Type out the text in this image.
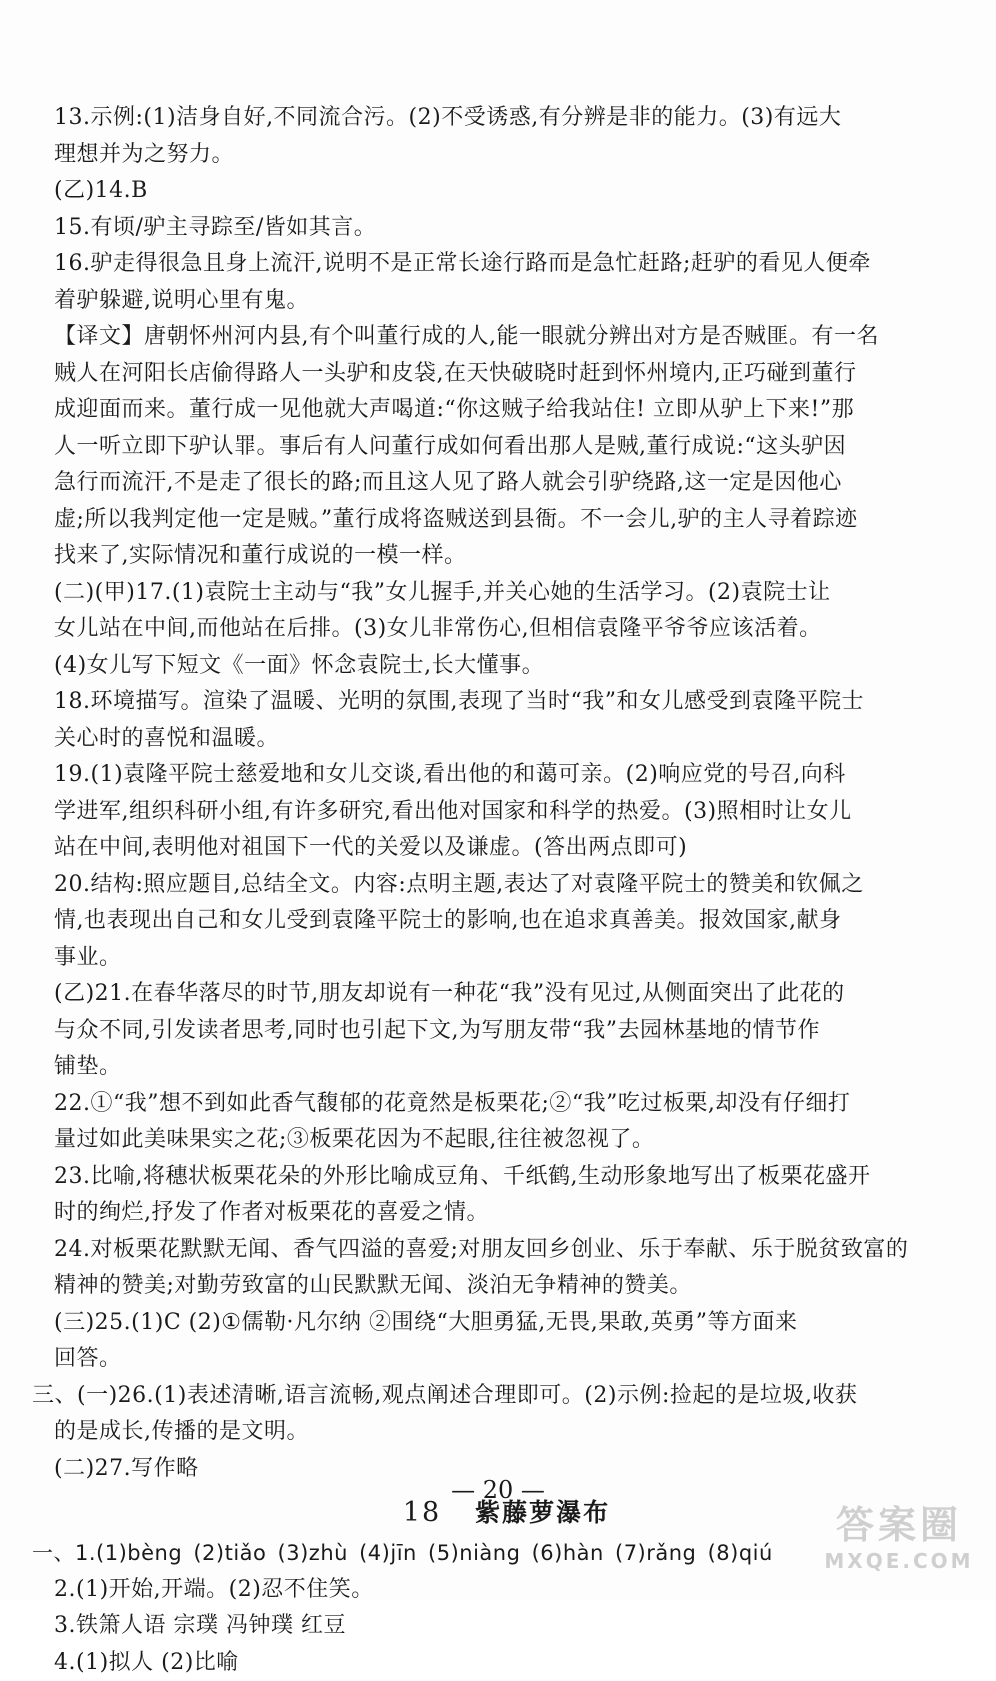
13.示例:(1)洁身自好,不同流合污。(2)不受诱惑,有分辨是非的能力。(3)有远大
理想并为之努力。
(乙)14.B
15.有顷/驴主寻踪至/皆如其言。
16.驴走得很急且身上流汗,说明不是正常长途行路而是急忙赶路;赶驴的看见人便牵
着驴躲避,说明心里有鬼。
【译文】唐朝怀州河内县,有个叫董行成的人,能一眼就分辨出对方是否贼匪。有一名
贼人在河阳长店偷得路人一头驴和皮袋,在天快破晓时赶到怀州境内,正巧碰到董行
成迎面而来。董行成一见他就大声喝道:“你这贼子给我站住! 立即从驴上下来!”那
人一听立即下驴认罪。事后有人问董行成如何看出那人是贼,董行成说:“这头驴因
急行而流汗,不是走了很长的路;而且这人见了路人就会引驴绕路,这一定是因他心
虚;所以我判定他一定是贼。”董行成将盗贼送到县衙。不一会儿,驴的主人寻着踪迹
找来了,实际情况和董行成说的一模一样。
(二)(甲)17.(1)袁院士主动与“我”女儿握手,并关心她的生活学习。(2)袁院士让
女儿站在中间,而他站在后排。(3)女儿非常伤心,但相信袁隆平爷爷应该活着。
(4)女儿写下短文《一面》怀念袁院士,长大懂事。
18.环境描写。渲染了温暖、光明的氛围,表现了当时“我”和女儿感受到袁隆平院士
关心时的喜悦和温暖。
19.(1)袁隆平院士慈爱地和女儿交谈,看出他的和蔼可亲。(2)响应党的号召,向科
学进军,组织科研小组,有许多研究,看出他对国家和科学的热爱。(3)照相时让女儿
站在中间,表明他对祖国下一代的关爱以及谦虚。(答出两点即可)
20.结构:照应题目,总结全文。内容:点明主题,表达了对袁隆平院士的赞美和钦佩之
情,也表现出自己和女儿受到袁隆平院士的影响,也在追求真善美。报效国家,献身
事业。
(乙)21.在春华落尽的时节,朋友却说有一种花“我”没有见过,从侧面突出了此花的
与众不同,引发读者思考,同时也引起下文,为写朋友带“我”去园林基地的情节作
铺垫。
22.①“我”想不到如此香气馥郁的花竟然是板栗花;②“我”吃过板栗,却没有仔细打
量过如此美味果实之花;③板栗花因为不起眼,往往被忽视了。
23.比喻,将穗状板栗花朵的外形比喻成豆角、千纸鹤,生动形象地写出了板栗花盛开
时的绚烂,抒发了作者对板栗花的喜爱之情。
24.对板栗花默默无闻、香气四溢的喜爱;对朋友回乡创业、乐于奉献、乐于脱贫致富的
精神的赞美;对勤劳致富的山民默默无闻、淡泊无争精神的赞美。
(三)25.(1)C (2)①儒勒·凡尔纳 ②围绕“大胆勇猛,无畏,果敢,英勇”等方面来
回答。
三、(一)26.(1)表述清晰,语言流畅,观点阐述合理即可。(2)示例:捡起的是垃圾,收获
的是成长,传播的是文明。
(二)27.写作略
18 紫藤萝瀑布
一、1.(1)bèng (2)tiǎo (3)zhù (4)jīn (5)niàng (6)hàn (7)rǎng (8)qiú
2.(1)开始,开端。(2)忍不住笑。
3.铁箫人语 宗璞 冯钟璞 红豆
4.(1)拟人 (2)比喻
— 20 —
答案圈
MXQE.COM
